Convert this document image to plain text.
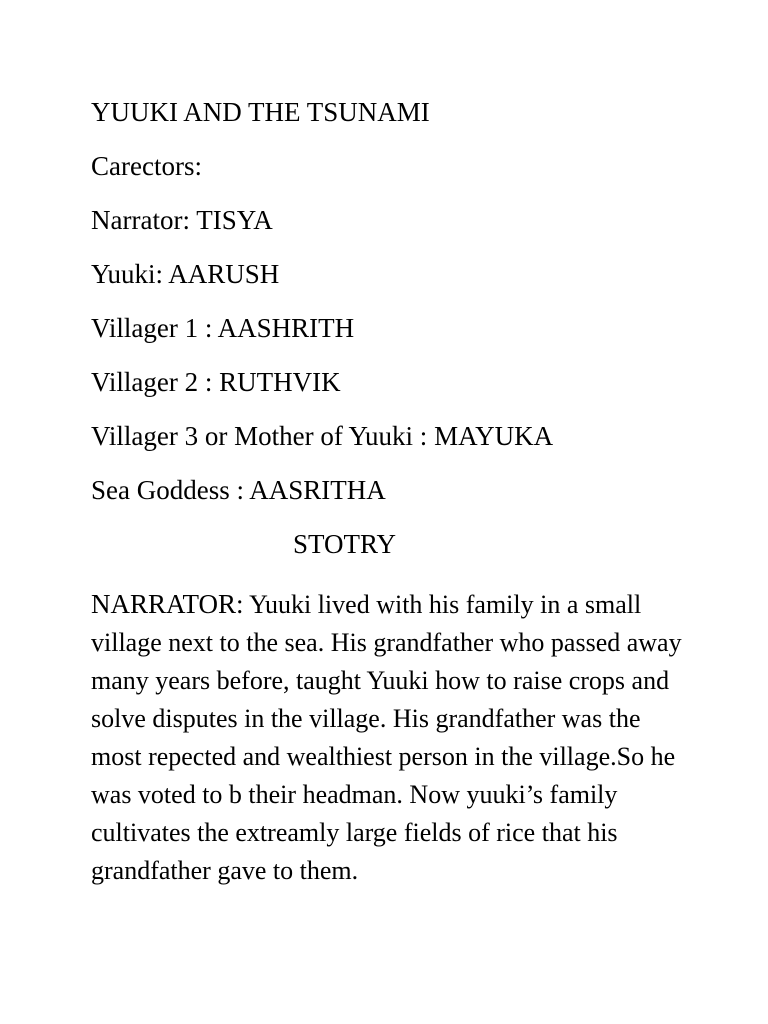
YUUKI AND THE TSUNAMI
Carectors:
Narrator: TISYA
Yuuki: AARUSH
Villager 1 : AASHRITH
Villager 2 : RUTHVIK
Villager 3 or Mother of Yuuki : MAYUKA
Sea Goddess : AASRITHA
STOTRY

NARRATOR: Yuuki lived with his family in a small village next to the sea. His grandfather who passed away many years before, taught Yuuki how to raise crops and solve disputes in the village. His grandfather was the most repected and wealthiest person in the village.So he was voted to b their headman. Now yuuki’s family cultivates the extreamly large fields of rice that his grandfather gave to them.
